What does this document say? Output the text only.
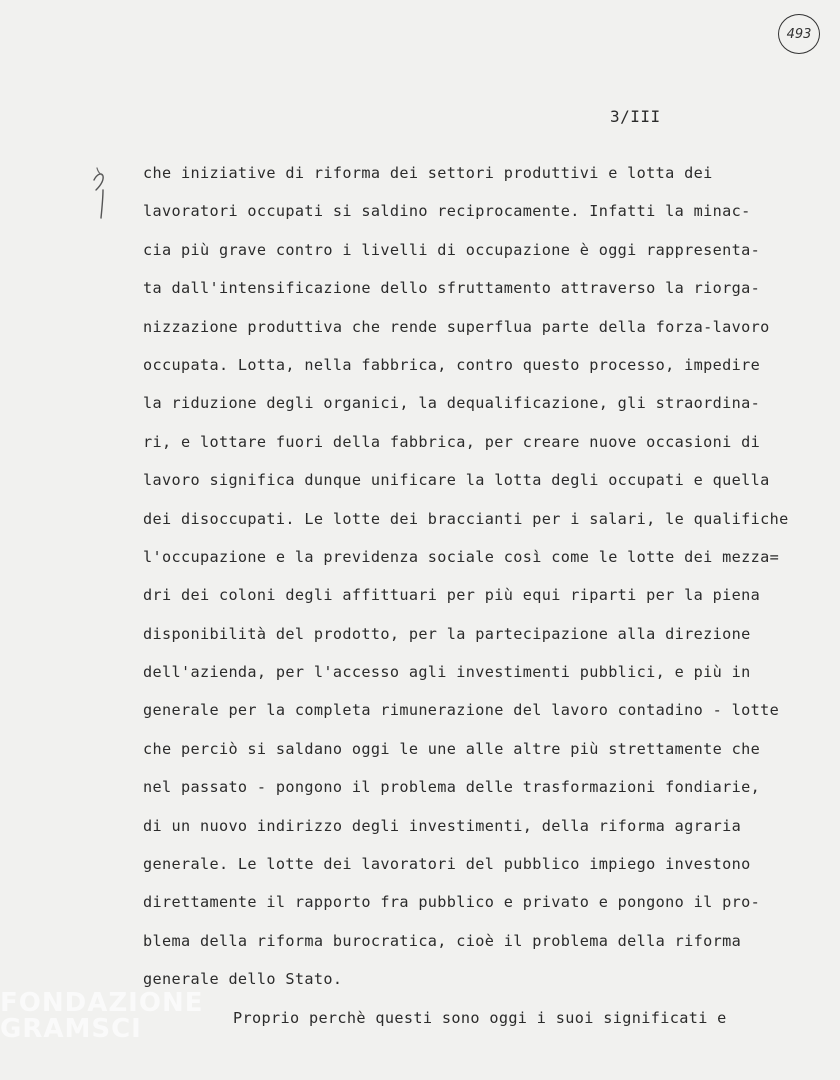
493
3/III
che iniziative di riforma dei settori produttivi e lotta dei
lavoratori occupati si saldino reciprocamente. Infatti la minac-
cia più grave contro i livelli di occupazione è oggi rappresenta-
ta dall'intensificazione dello sfruttamento attraverso la riorga-
nizzazione produttiva che rende superflua parte della forza-lavoro
occupata. Lotta, nella fabbrica, contro questo processo, impedire
la riduzione degli organici, la dequalificazione, gli straordina-
ri, e lottare fuori della fabbrica, per creare nuove occasioni di
lavoro significa dunque unificare la lotta degli occupati e quella
dei disoccupati. Le lotte dei braccianti per i salari, le qualifiche
l'occupazione e la previdenza sociale così come le lotte dei mezza=
dri dei coloni degli affittuari per più equi riparti per la piena
disponibilità del prodotto, per la partecipazione alla direzione
dell'azienda, per l'accesso agli investimenti pubblici, e più in
generale per la completa rimunerazione del lavoro contadino - lotte
che perciò si saldano oggi le une alle altre più strettamente che
nel passato - pongono il problema delle trasformazioni fondiarie,
di un nuovo indirizzo degli investimenti, della riforma agraria
generale. Le lotte dei lavoratori del pubblico impiego investono
direttamente il rapporto fra pubblico e privato e pongono il pro-
blema della riforma burocratica, cioè il problema della riforma
generale dello Stato.
Proprio perchè questi sono oggi i suoi significati e
FONDAZIONE
GRAMSCI
